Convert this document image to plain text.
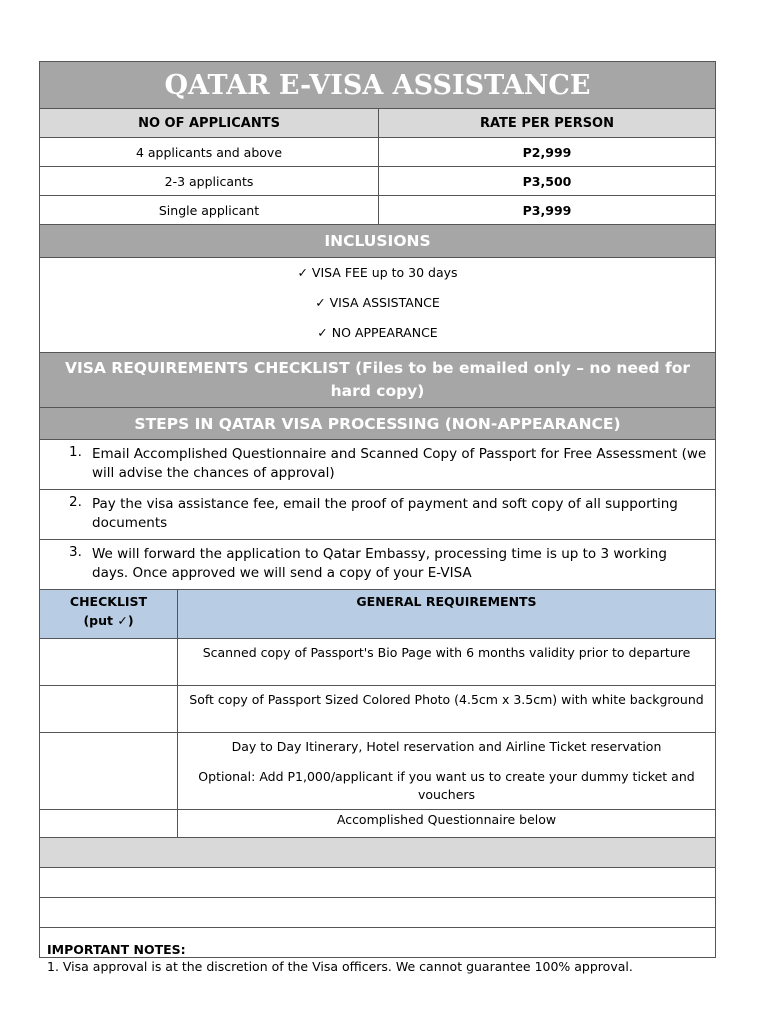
QATAR E-VISA ASSISTANCE		
NO OF APPLICANTS		RATE PER PERSON
4 applicants and above		P2,999
2-3 applicants		P3,500
Single applicant		P3,999
INCLUSIONS		

✓ VISA FEE up to 30 days
✓ VISA ASSISTANCE
✓ NO APPEARANCE		

VISA REQUIREMENTS CHECKLIST (Files to be emailed only – no need for hard copy)		
STEPS IN QATAR VISA PROCESSING (NON-APPEARANCE)		

1. Email Accomplished Questionnaire and Scanned Copy of Passport for Free Assessment (we will advise the chances of approval)		

2. Pay the visa assistance fee, email the proof of payment and soft copy of all supporting documents		

3. We will forward the application to Qatar Embassy, processing time is up to 3 working days. Once approved we will send a copy of your E-VISA		

CHECKLIST
(put ✓)	GENERAL REQUIREMENTS	
	Scanned copy of Passport's Bio Page with 6 months validity prior to departure	
	Soft copy of Passport Sized Colored Photo (4.5cm x 3.5cm) with white background	

	Day to Day Itinerary, Hotel reservation and Airline Ticket reservation
Optional: Add P1,000/applicant if you want us to create your dummy ticket and vouchers	

	Accomplished Questionnaire below	

IMPORTANT NOTES:
1. Visa approval is at the discretion of the Visa officers. We cannot guarantee 100% approval.
